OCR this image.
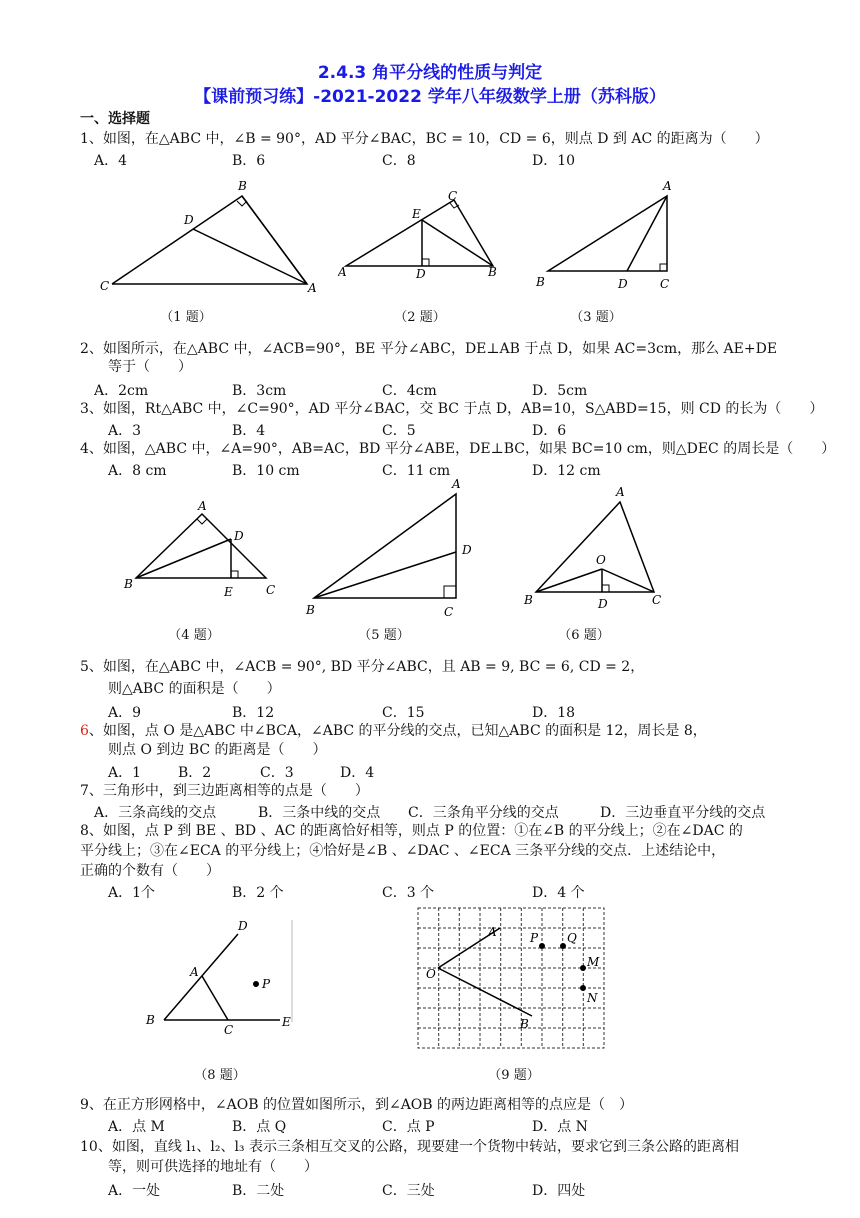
2.4.3 角平分线的性质与判定
【课前预习练】-2021-2022 学年八年级数学上册（苏科版）
一、选择题
1、如图，在△ABC 中，∠B = 90°，AD 平分∠BAC，BC = 10，CD = 6，则点 D 到 AC 的距离为（　　）
A．4	B．6	C．8	D．10
B
D
C	A
C
E
A	D	B
A
B	D	C
（1 题）	（2 题）	（3 题）
2、如图所示，在△ABC 中，∠ACB=90°，BE 平分∠ABC，DE⊥AB 于点 D，如果 AC=3cm，那么 AE+DE
等于（　　）
A．2cm	B．3cm	C．4cm	D．5cm
3、如图，Rt△ABC 中，∠C=90°，AD 平分∠BAC，交 BC 于点 D，AB=10，S△ABD=15，则 CD 的长为（　　）
A．3	B．4	C．5	D．6
4、如图，△ABC 中，∠A=90°，AB=AC，BD 平分∠ABE，DE⊥BC，如果 BC=10 cm，则△DEC 的周长是（　　）
A．8 cm	B．10 cm	C．11 cm	D．12 cm
A
D
B
E	C
A
D
B	C
A
O
B	D	C
（4 题）	（5 题）	（6 题）
5、如图，在△ABC 中，∠ACB = 90°, BD 平分∠ABC，且 AB = 9, BC = 6, CD = 2，
则△ABC 的面积是（　　）
A．9	B．12	C．15	D．18
6、如图，点 O 是△ABC 中∠BCA，∠ABC 的平分线的交点，已知△ABC 的面积是 12，周长是 8，
则点 O 到边 BC 的距离是（　　）
A．1	B．2	C．3	D．4
7、三角形中，到三边距离相等的点是（　　）
A．三条高线的交点	B．三条中线的交点 C．三条角平分线的交点	D．三边垂直平分线的交点
8、如图，点 P 到 BE 、BD 、AC 的距离恰好相等，则点 P 的位置：①在∠B 的平分线上；②在∠DAC 的
平分线上；③在∠ECA 的平分线上；④恰好是∠B 、∠DAC 、∠ECA 三条平分线的交点．上述结论中，
正确的个数有（　　）
A．1个	B．2 个	C．3 个	D．4 个
D
A
P
B
C
E
A	P Q
O
M
N
B
（8 题）	（9 题）
9、在正方形网格中，∠AOB 的位置如图所示，到∠AOB 的两边距离相等的点应是（　）
A．点 M	B．点 Q	C．点 P	D．点 N
10、如图，直线 l₁、l₂、l₃ 表示三条相互交叉的公路，现要建一个货物中转站，要求它到三条公路的距离相
等，则可供选择的地址有（　　）
A．一处	B．二处	C．三处	D．四处
